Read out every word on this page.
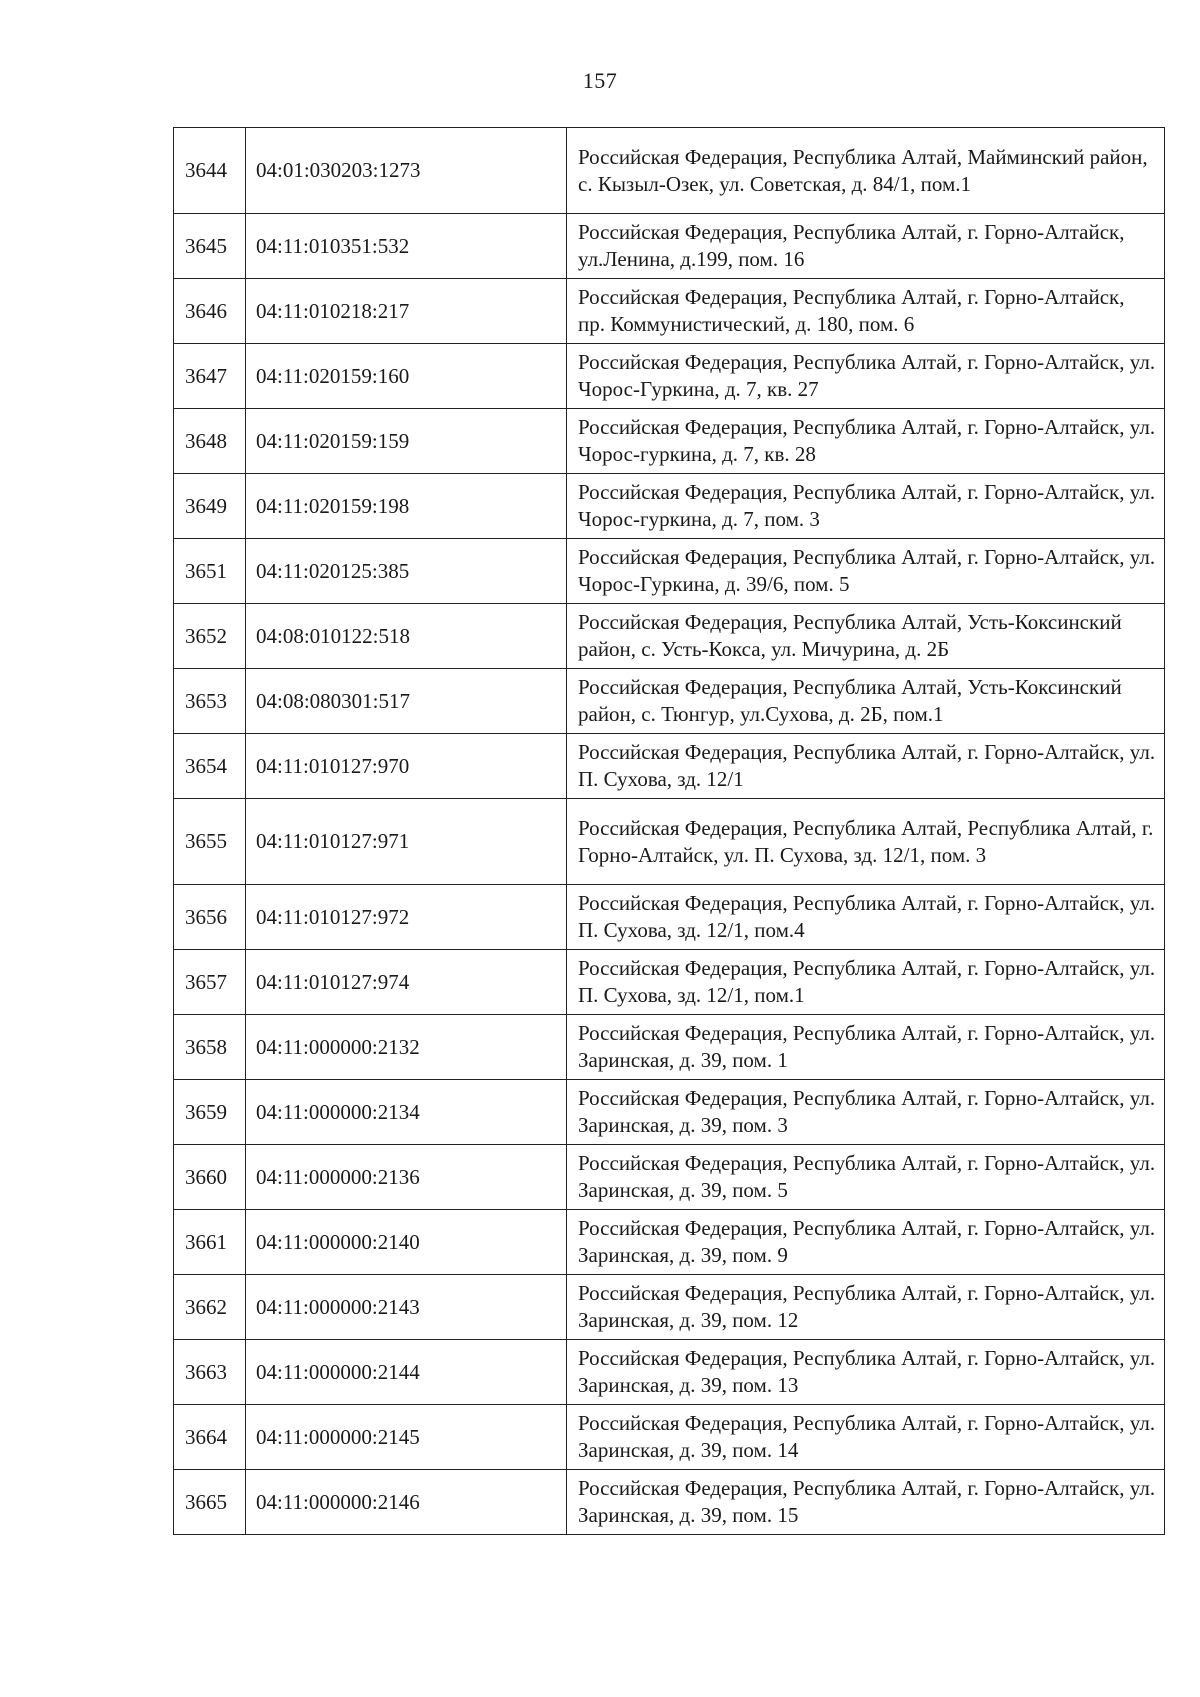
157
3644	04:01:030203:1273	Российская Федерация, Республика Алтай, Майминский район, с. Кызыл-Озек, ул. Советская, д. 84/1, пом.1
3645	04:11:010351:532	Российская Федерация, Республика Алтай, г. Горно-Алтайск, ул.Ленина, д.199, пом. 16
3646	04:11:010218:217	Российская Федерация, Республика Алтай, г. Горно-Алтайск, пр. Коммунистический, д. 180, пом. 6
3647	04:11:020159:160	Российская Федерация, Республика Алтай, г. Горно-Алтайск, ул. Чорос-Гуркина, д. 7, кв. 27
3648	04:11:020159:159	Российская Федерация, Республика Алтай, г. Горно-Алтайск, ул. Чорос-гуркина, д. 7, кв. 28
3649	04:11:020159:198	Российская Федерация, Республика Алтай, г. Горно-Алтайск, ул. Чорос-гуркина, д. 7, пом. 3
3651	04:11:020125:385	Российская Федерация, Республика Алтай, г. Горно-Алтайск, ул. Чорос-Гуркина, д. 39/6, пом. 5
3652	04:08:010122:518	Российская Федерация, Республика Алтай, Усть-Коксинский район, с. Усть-Кокса, ул. Мичурина, д. 2Б
3653	04:08:080301:517	Российская Федерация, Республика Алтай, Усть-Коксинский район, с. Тюнгур, ул.Сухова, д. 2Б, пом.1
3654	04:11:010127:970	Российская Федерация, Республика Алтай, г. Горно-Алтайск, ул. П. Сухова, зд. 12/1
3655	04:11:010127:971	Российская Федерация, Республика Алтай, Республика Алтай, г. Горно-Алтайск, ул. П. Сухова, зд. 12/1, пом. 3
3656	04:11:010127:972	Российская Федерация, Республика Алтай, г. Горно-Алтайск, ул. П. Сухова, зд. 12/1, пом.4
3657	04:11:010127:974	Российская Федерация, Республика Алтай, г. Горно-Алтайск, ул. П. Сухова, зд. 12/1, пом.1
3658	04:11:000000:2132	Российская Федерация, Республика Алтай, г. Горно-Алтайск, ул. Заринская, д. 39, пом. 1
3659	04:11:000000:2134	Российская Федерация, Республика Алтай, г. Горно-Алтайск, ул. Заринская, д. 39, пом. 3
3660	04:11:000000:2136	Российская Федерация, Республика Алтай, г. Горно-Алтайск, ул. Заринская, д. 39, пом. 5
3661	04:11:000000:2140	Российская Федерация, Республика Алтай, г. Горно-Алтайск, ул. Заринская, д. 39, пом. 9
3662	04:11:000000:2143	Российская Федерация, Республика Алтай, г. Горно-Алтайск, ул. Заринская, д. 39, пом. 12
3663	04:11:000000:2144	Российская Федерация, Республика Алтай, г. Горно-Алтайск, ул. Заринская, д. 39, пом. 13
3664	04:11:000000:2145	Российская Федерация, Республика Алтай, г. Горно-Алтайск, ул. Заринская, д. 39, пом. 14
3665	04:11:000000:2146	Российская Федерация, Республика Алтай, г. Горно-Алтайск, ул. Заринская, д. 39, пом. 15
